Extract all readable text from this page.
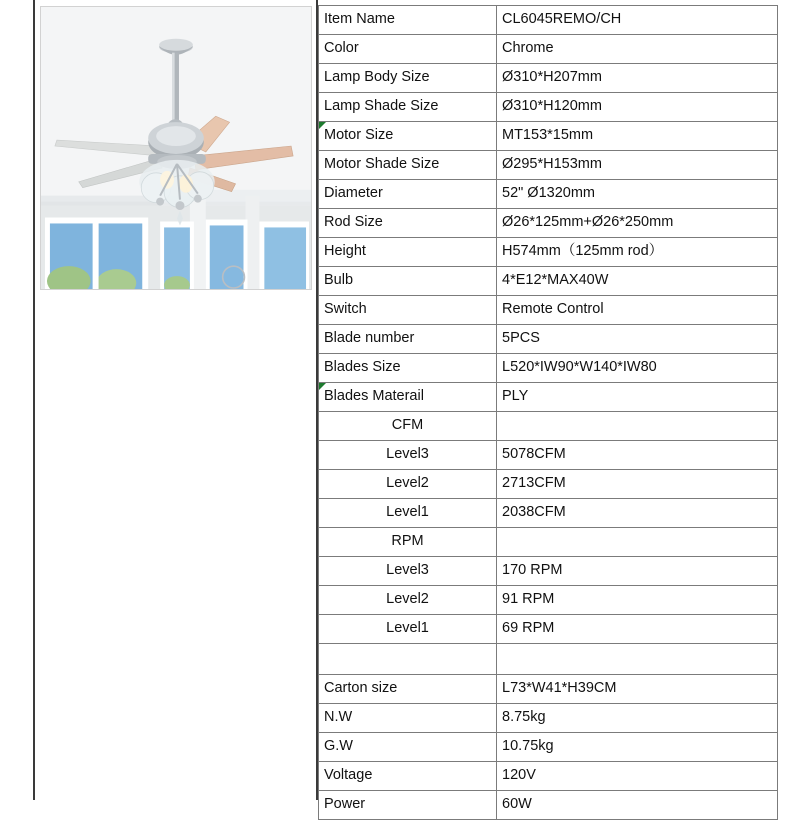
Item Name	CL6045REMO/CH
Color	Chrome
Lamp Body Size	Ø310*H207mm
Lamp Shade Size	Ø310*H120mm
Motor Size	MT153*15mm
Motor Shade Size	Ø295*H153mm
Diameter	52" Ø1320mm
Rod Size	Ø26*125mm+Ø26*250mm
Height	H574mm（125mm rod）
Bulb	4*E12*MAX40W
Switch	Remote Control
Blade number	5PCS
Blades Size	L520*IW90*W140*IW80
Blades Materail	PLY
CFM	
Level3	5078CFM
Level2	2713CFM
Level1	2038CFM
RPM	
Level3	170 RPM
Level2	91 RPM
Level1	69 RPM

Carton size	L73*W41*H39CM
N.W	8.75kg
G.W	10.75kg
Voltage	120V
Power	60W
